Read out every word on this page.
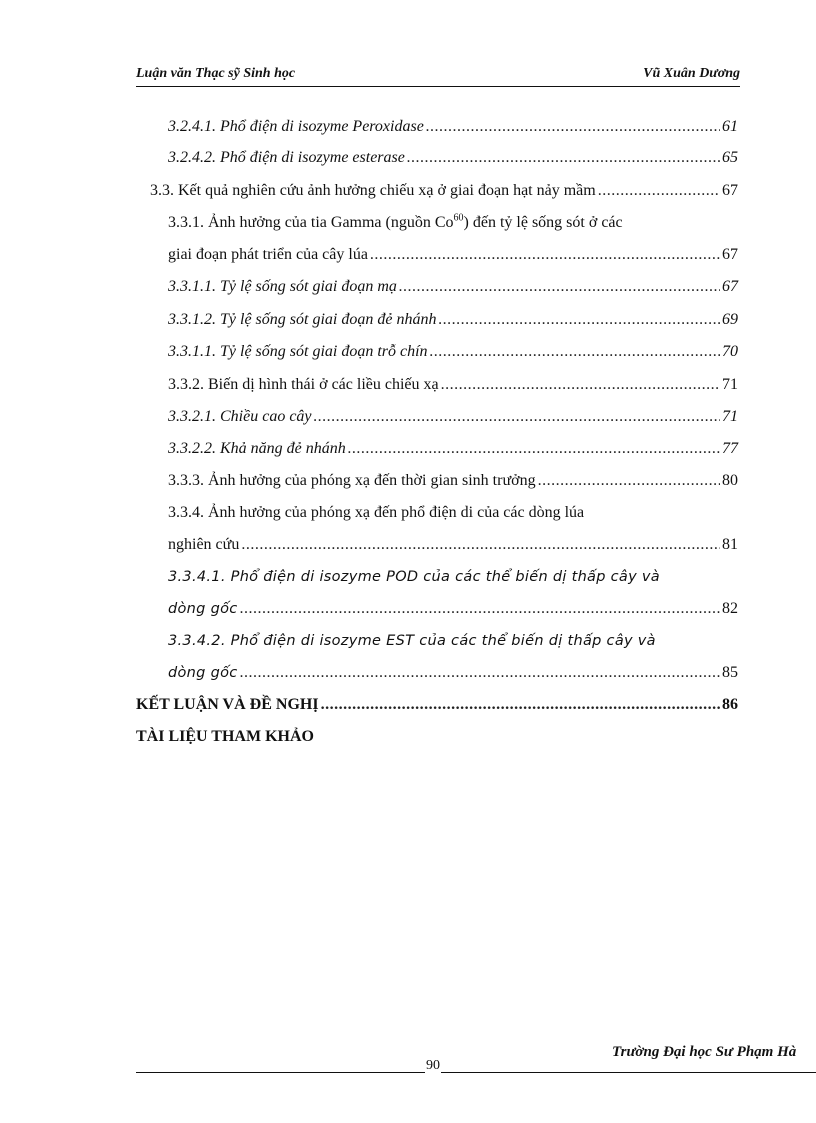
Luận văn Thạc sỹ Sinh học	Vũ Xuân Dương
3.2.4.1. Phổ điện di isozyme Peroxidase .....	61
3.2.4.2. Phổ điện di isozyme esterase .....	65
3.3. Kết quả nghiên cứu ảnh hưởng chiếu xạ ở giai đoạn hạt nảy mầm .....	67
3.3.1. Ảnh hưởng của tia Gamma (nguồn Co$^{60}$) đến tỷ lệ sống sót ở các
giai đoạn phát triển của cây lúa .....	67
3.3.1.1. Tỷ lệ sống sót giai đoạn mạ .....	67
3.3.1.2. Tỷ lệ sống sót giai đoạn đẻ nhánh .....	69
3.3.1.1. Tỷ lệ sống sót giai đoạn trỗ chín .....	70
3.3.2. Biến dị hình thái ở các liều chiếu xạ .....	71
3.3.2.1. Chiều cao cây .....	71
3.3.2.2. Khả năng đẻ nhánh .....	77
3.3.3. Ảnh hưởng của phóng xạ đến thời gian sinh trưởng .....	80
3.3.4. Ảnh hưởng của phóng xạ đến phổ điện di của các dòng lúa
nghiên cứu .....	81
3.3.4.1. Phổ điện di isozyme POD của các thể biến dị thấp cây và
dòng gốc .....	82
3.3.4.2. Phổ điện di isozyme EST của các thể biến dị thấp cây và
dòng gốc .....	85
KẾT LUẬN VÀ ĐỀ NGHỊ .....	86
TÀI LIỆU THAM KHẢO
Trường Đại học Sư Phạm Hà
90
